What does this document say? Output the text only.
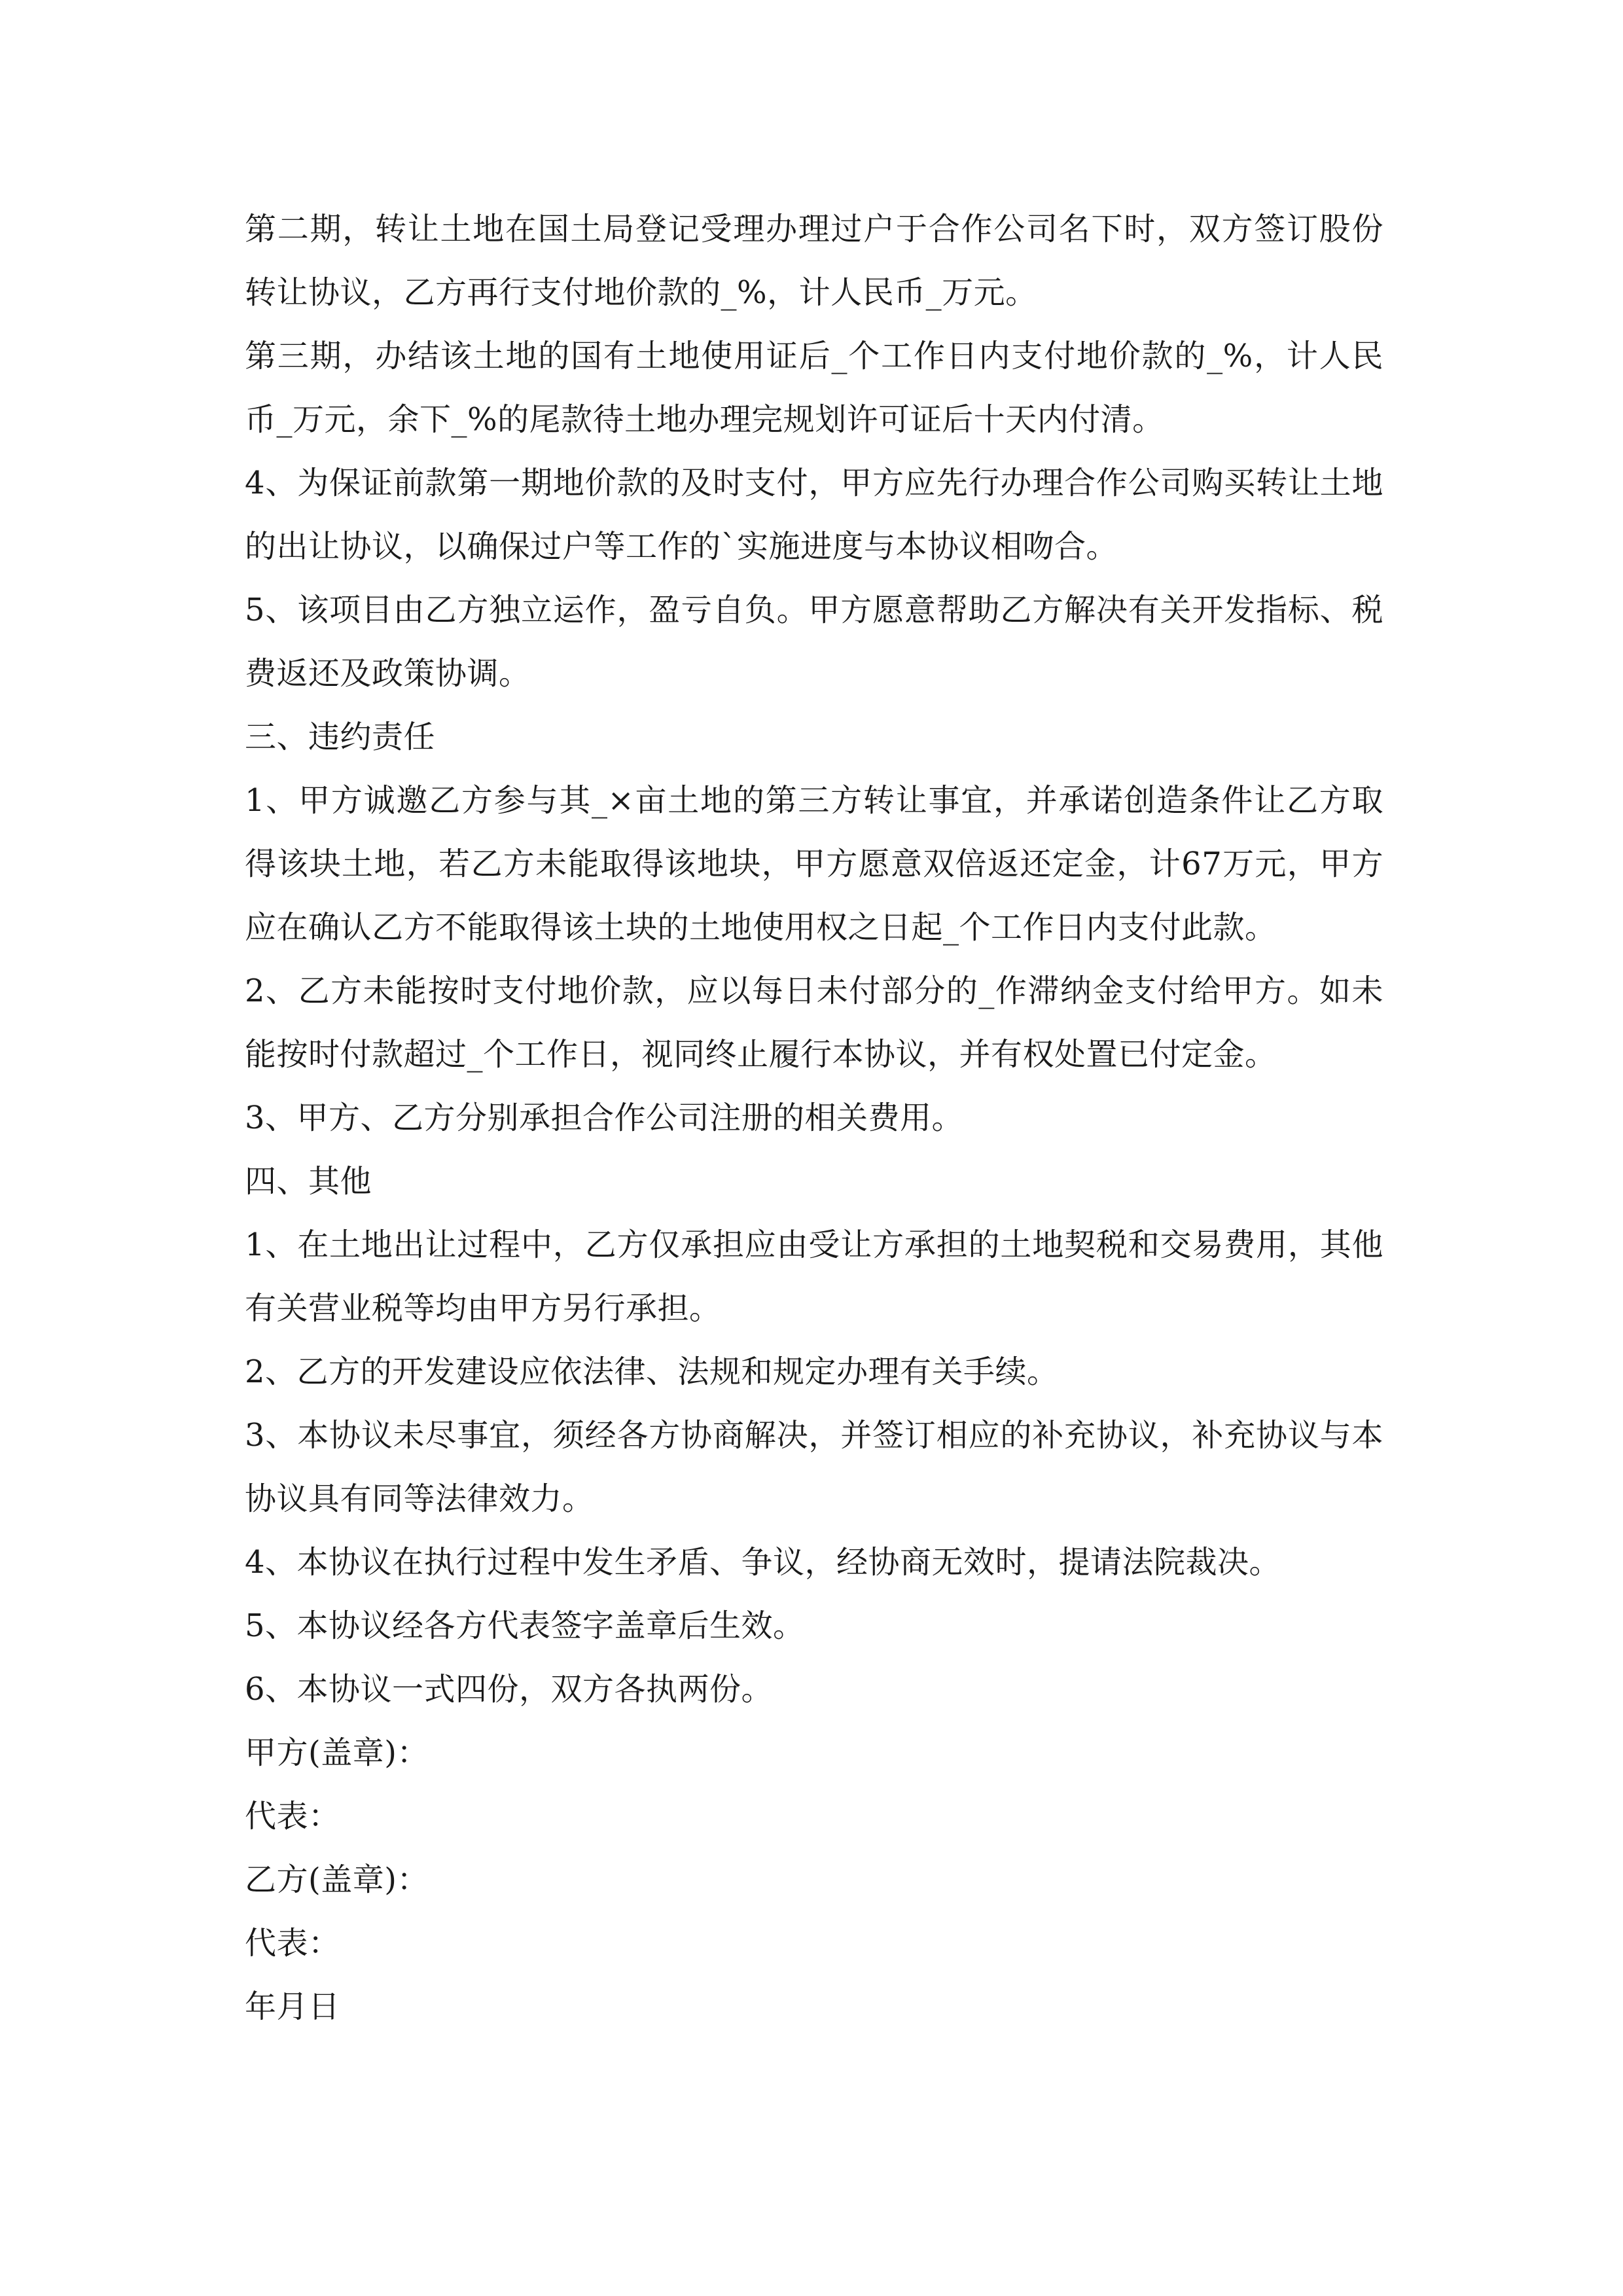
第二期，转让土地在国土局登记受理办理过户于合作公司名下时，双方签订股份转让协议，乙方再行支付地价款的_%，计人民币_万元。

第三期，办结该土地的国有土地使用证后_个工作日内支付地价款的_%，计人民币_万元，余下_%的尾款待土地办理完规划许可证后十天内付清。

4、为保证前款第一期地价款的及时支付，甲方应先行办理合作公司购买转让土地的出让协议，以确保过户等工作的`实施进度与本协议相吻合。

5、该项目由乙方独立运作，盈亏自负。甲方愿意帮助乙方解决有关开发指标、税费返还及政策协调。

三、违约责任

1、甲方诚邀乙方参与其_×亩土地的第三方转让事宜，并承诺创造条件让乙方取得该块土地，若乙方未能取得该地块，甲方愿意双倍返还定金，计67万元，甲方应在确认乙方不能取得该土块的土地使用权之日起_个工作日内支付此款。

2、乙方未能按时支付地价款，应以每日未付部分的_作滞纳金支付给甲方。如未能按时付款超过_个工作日，视同终止履行本协议，并有权处置已付定金。

3、甲方、乙方分别承担合作公司注册的相关费用。

四、其他

1、在土地出让过程中，乙方仅承担应由受让方承担的土地契税和交易费用，其他有关营业税等均由甲方另行承担。

2、乙方的开发建设应依法律、法规和规定办理有关手续。

3、本协议未尽事宜，须经各方协商解决，并签订相应的补充协议，补充协议与本协议具有同等法律效力。

4、本协议在执行过程中发生矛盾、争议，经协商无效时，提请法院裁决。

5、本协议经各方代表签字盖章后生效。

6、本协议一式四份，双方各执两份。

甲方(盖章)：

代表：

乙方(盖章)：

代表：

年月日
